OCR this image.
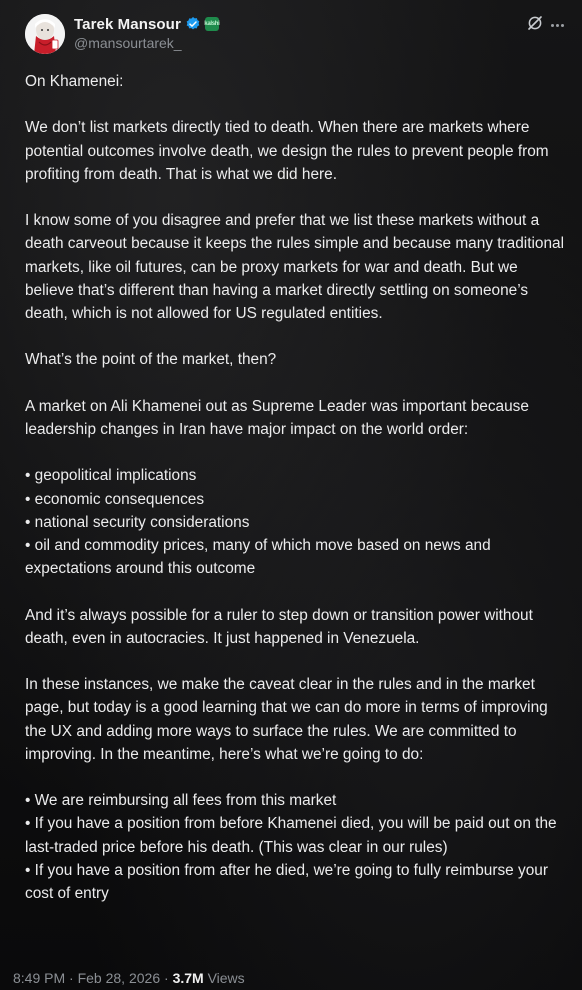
Tarek Mansour	kalshi
@mansourtarek_

On Khamenei:

We don’t list markets directly tied to death. When there are markets where potential outcomes involve death, we design the rules to prevent people from profiting from death. That is what we did here.

I know some of you disagree and prefer that we list these markets without a death carveout because it keeps the rules simple and because many traditional markets, like oil futures, can be proxy markets for war and death. But we believe that’s different than having a market directly settling on someone’s death, which is not allowed for US regulated entities.

What’s the point of the market, then?

A market on Ali Khamenei out as Supreme Leader was important because leadership changes in Iran have major impact on the world order:

• geopolitical implications
• economic consequences
• national security considerations
• oil and commodity prices, many of which move based on news and expectations around this outcome

And it’s always possible for a ruler to step down or transition power without death, even in autocracies. It just happened in Venezuela.

In these instances, we make the caveat clear in the rules and in the market page, but today is a good learning that we can do more in terms of improving the UX and adding more ways to surface the rules. We are committed to improving. In the meantime, here’s what we’re going to do:

• We are reimbursing all fees from this market
• If you have a position from before Khamenei died, you will be paid out on the last-traded price before his death. (This was clear in our rules)
• If you have a position from after he died, we’re going to fully reimburse your cost of entry
8:49 PM · Feb 28, 2026 · 3.7M Views
